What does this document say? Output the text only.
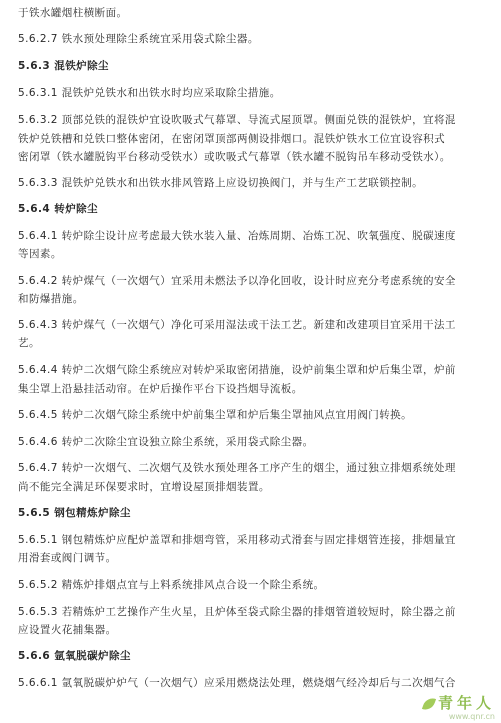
于铁水罐烟柱横断面。
5.6.2.7 铁水预处理除尘系统宜采用袋式除尘器。
5.6.3 混铁炉除尘
5.6.3.1 混铁炉兑铁水和出铁水时均应采取除尘措施。
5.6.3.2 顶部兑铁的混铁炉宜设吹吸式气幕罩、导流式屋顶罩。侧面兑铁的混铁炉，宜将混
铁炉兑铁槽和兑铁口整体密闭，在密闭罩顶部两侧设排烟口。混铁炉铁水工位宜设容积式
密闭罩（铁水罐脱钩平台移动受铁水）或吹吸式气幕罩（铁水罐不脱钩吊车移动受铁水）。
5.6.3.3 混铁炉兑铁水和出铁水排风管路上应设切换阀门，并与生产工艺联锁控制。
5.6.4 转炉除尘
5.6.4.1 转炉除尘设计应考虑最大铁水装入量、冶炼周期、冶炼工况、吹氧强度、脱碳速度
等因素。
5.6.4.2 转炉煤气（一次烟气）宜采用未燃法予以净化回收，设计时应充分考虑系统的安全
和防爆措施。
5.6.4.3 转炉煤气（一次烟气）净化可采用湿法或干法工艺。新建和改建项目宜采用干法工
艺。
5.6.4.4 转炉二次烟气除尘系统应对转炉采取密闭措施，设炉前集尘罩和炉后集尘罩，炉前
集尘罩上沿悬挂活动帘。在炉后操作平台下设挡烟导流板。
5.6.4.5 转炉二次烟气除尘系统中炉前集尘罩和炉后集尘罩抽风点宜用阀门转换。
5.6.4.6 转炉二次除尘宜设独立除尘系统，采用袋式除尘器。
5.6.4.7 转炉一次烟气、二次烟气及铁水预处理各工序产生的烟尘，通过独立排烟系统处理
尚不能完全满足环保要求时，宜增设屋顶排烟装置。
5.6.5 钢包精炼炉除尘
5.6.5.1 钢包精炼炉应配炉盖罩和排烟弯管，采用移动式滑套与固定排烟管连接，排烟量宜
用滑套或阀门调节。
5.6.5.2 精炼炉排烟点宜与上料系统排风点合设一个除尘系统。
5.6.5.3 若精炼炉工艺操作产生火星，且炉体至袋式除尘器的排烟管道较短时，除尘器之前
应设置火花捕集器。
5.6.6 氩氧脱碳炉除尘
5.6.6.1 氩氧脱碳炉炉气（一次烟气）应采用燃烧法处理，燃烧烟气经冷却后与二次烟气合
青年人
www.qnr.cn
